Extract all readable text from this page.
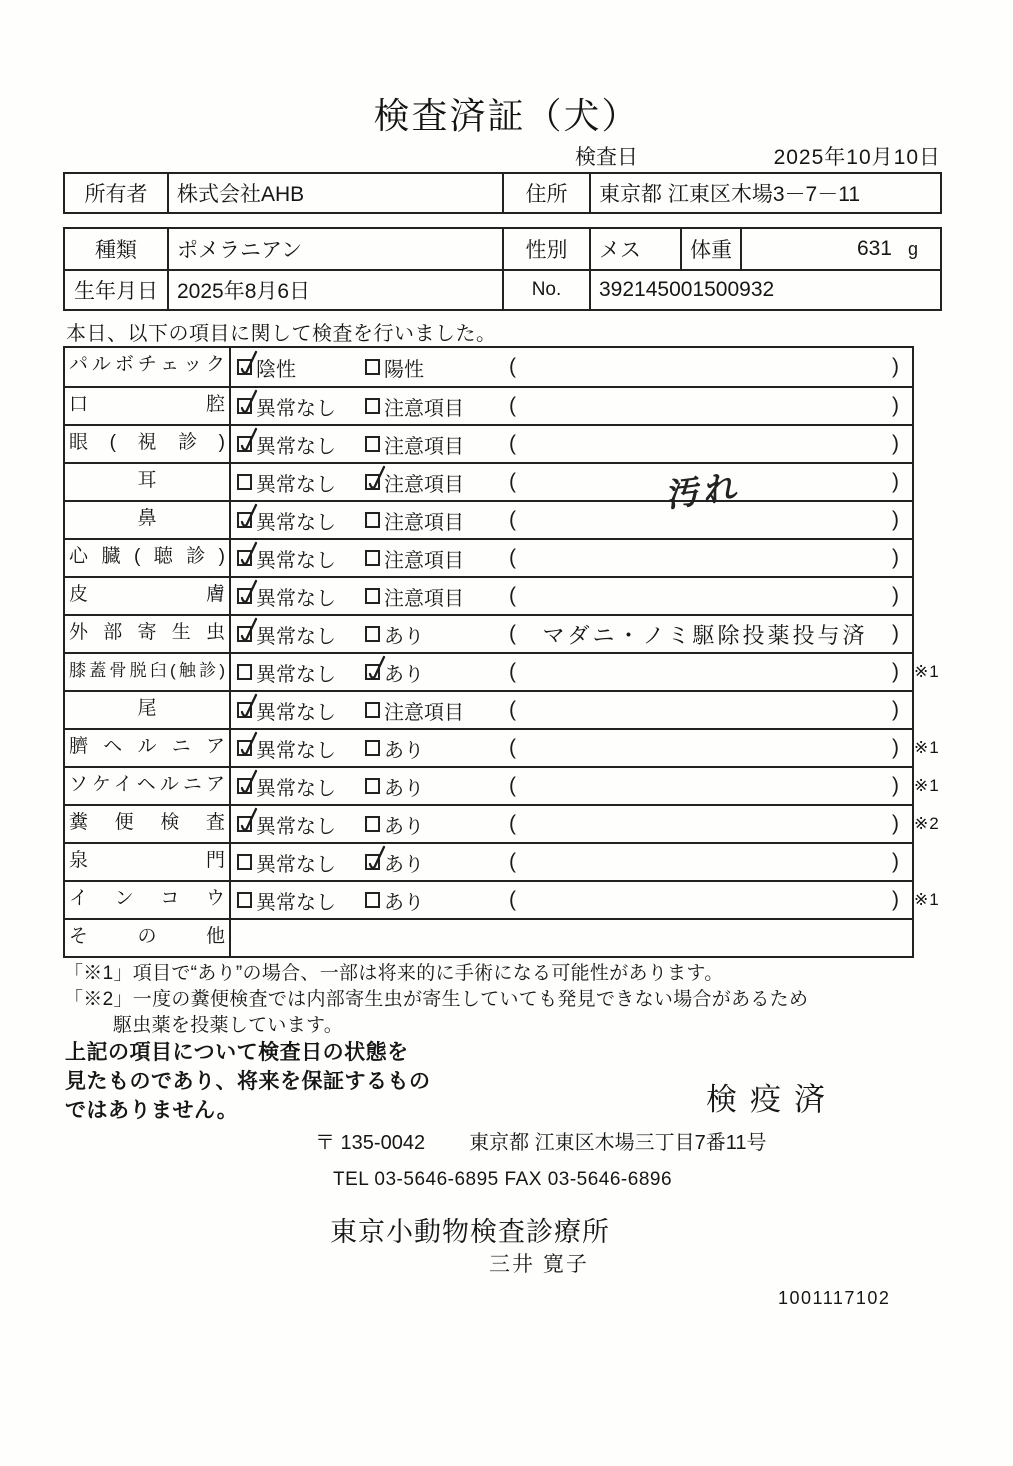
検査済証（犬）
検査日	2025年10月10日
所有者	株式会社AHB	住所	東京都 江東区木場3－7－11
種類	ポメラニアン	性別	メス	体重	631 g
生年月日 2025年8月6日	No.	392145001500932
本日、以下の項目に関して検査を行いました。
パルボチェック	陰性	陽性	(	)
口腔	異常なし 注意項目 (	)
眼(視診)	異常なし 注意項目 (	)
耳	異常なし 注意項目 (	汚れ	)
鼻	異常なし 注意項目 (	)
心臓(聴診)	異常なし 注意項目 (	)
皮膚	異常なし 注意項目 (	)
外部寄生虫	異常なし あり	(	マダニ・ノミ駆除投薬投与済	)
膝蓋骨脱臼(触診)	異常なし あり	(	) ※1
尾	異常なし 注意項目 (	)
臍ヘルニア	異常なし あり	(	) ※1
ソケイヘルニア	異常なし あり	(	) ※1
糞便検査	異常なし あり	(	) ※2
泉門	異常なし あり	(	)
インコウ	異常なし あり	(	) ※1
その他
「※1」項目で“あり”の場合、一部は将来的に手術になる可能性があります。
「※2」一度の糞便検査では内部寄生虫が寄生していても発見できない場合があるため
駆虫薬を投薬しています。
上記の項目について検査日の状態を
見たものであり、将来を保証するもの
ではありません。	検疫済
〒 135-0042 東京都 江東区木場三丁目7番11号
TEL 03-5646-6895 FAX 03-5646-6896
東京小動物検査診療所
三井 寛子
1001117102
